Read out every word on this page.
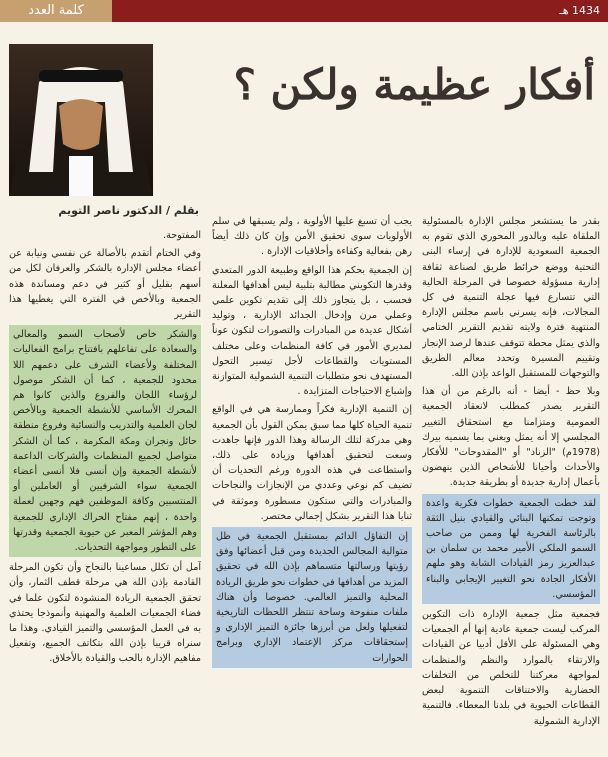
كلمة العدد	1434 هـ
أفكار عظيمة ولكن ؟
بقلم / الدكتور ناصر التويم

بقدر ما يستشعر مجلس الإدارة بالمسئولية الملقاة عليه وبالدور المحوري الذي تقوم به الجمعية السعودية للإدارة في إرساء البنى التحتية ووضع خرائط طريق لصناعة ثقافة إدارية مسؤولة خصوصا في المرحلة الحالية التي تتسارع فيها عجلة التنمية في كل المجالات، فإنه يسرني باسم مجلس الإدارة المنتهية فترة ولايته تقديم التقرير الختامي والذي يمثل محطة تتوقف عندها لرصد الإنجاز وتقييم المسيرة وتحدد معالم الطريق والتوجهات للمستقبل الواعد بإذن الله.

وبلا حظ - أيضا - أنه بالرغم من أن هذا التقرير يصدر كمطلب لانعقاد الجمعية العمومية ومتزامنا مع استحقاق التغيير المجلسي إلا أنه يمثل وبعني بما يسميه بيرك (1978م) "الزناد" أو "المقدوحات" للأفكار والأحداث وأحيانا للأشخاص الذين ينهضون بأعمال إدارية جديدة أو بطريقة جديدة.

لقد خطت الجمعية خطوات فكرية واعدة وتوجت تمكنها البنائي والقيادي بنيل الثقة بالرئاسة الفخرية لها وممن من صاحب السمو الملكي الأمير محمد بن سلمان بن عبدالعزيز رمز القيادات الشابة وهو ملهم الأفكار الجادة نحو التغيير الإيجابي والبناء المؤسسي.

فجمعية مثل جمعية الإدارة ذات التكوين المركب ليست جمعية عادية إنها أم الجمعيات وهي المسئولة على الأقل أدبيا عن القيادات والارتقاء بالموارد والنظم والمنظمات لمواجهة معركتنا للتخلص من التخلفات الحضارية والاختناقات التنموية لبعض القطاعات الحيوية في بلدنا المعطاء. فالتنمية الإدارية الشمولية

يجب أن تسبغ عليها الأولوية ، ولم يسبقها في سلم الأولويات سوى تحقيق الأمن وإن كان ذلك أيضاً رهن بفعالية وكفاءة وأخلاقيات الإدارة .

إن الجمعية بحكم هذا الواقع وطبيعة الدور المتعدي وقدرها التكويني مطالبة بتلبية ليس أهدافها المعلنة فحسب ، بل يتجاوز ذلك إلى تقديم تكوين علمي وعملي مرن وإدخال الجدائد الإدارية ، وتوليد أشكال عديدة من المبادرات والتصورات لتكون عوناً لمديري الأمور في كافة المنظمات وعلى مختلف المستويات والقطاعات لأجل تيسير التحول المستهدف نحو متطلبات التنمية الشمولية المتوازنة وإشباع الاحتياجات المتزايدة .

إن التنمية الإدارية فكراً وممارسة هي في الواقع تنمية الحياة كلها مما سبق يمكن القول بأن الجمعية وهي مدركة لتلك الرسالة وهذا الدور فإنها جاهدت وسعت لتحقيق أهدافها وزيادة على ذلك، واستطاعت في هذه الدورة ورغم التحديات أن تضيف كم نوعي وعددي من الإنجازات والنجاحات والمبادرات والتي ستكون مسطورة وموثقة في ثنايا هذا التقرير بشكل إجمالي مختصر.

إن التفاؤل الدائم بمستقبل الجمعية في ظل متوالية المجالس الجديدة ومن قبل أعضائها وفق رؤيتها ورسالتها متسماهم بإذن الله في تحقيق المزيد من أهدافها في خطوات نحو طريق الريادة المحلية والتميز العالمي. خصوصا وأن هناك ملفات منفوحة وساحة تنتظر اللحظات التاريخية لتفعيلها ولعل من أبرزها جائزة التميز الإداري و إستحقاقات مركز الإعتماد الإداري وبرامج الحوارات

المفتوحة.

وفي الختام أتقدم بالأصالة عن نفسي ونيابة عن أعضاء مجلس الإدارة بالشكر والعرفان لكل من أسهم بقليل أو كثير في دعم ومساندة هذه الجمعية وبالأخص في الفترة التي يغطيها هذا التقرير

والشكر خاص لأصحاب السمو والمعالي والسعادة على تفاعلهم بافتتاح برامج الفعاليات المختلفة ولأعضاء الشرف على دعمهم اللا محدود للجمعية ، كما أن الشكر موصول لرؤساء اللجان والفروع والذين كانوا هم المحرك الأساسي للأنشطة الجمعية وبالأخص لجان العلمية والتدريب والنسائية وفروع منطقة حائل ونجران ومكة المكرمة ، كما أن الشكر متواصل لجميع المنظمات والشركات الداعمة لأنشطة الجمعية وإن أنسى فلا أنسى أعضاء الجمعية سواء الشرفيين أو العاملين أو المنتسبين وكافة الموظفين فهم وجهين لعملة واحدة ، إنهم مفتاح الحراك الإداري للجمعية وهم المؤشر المعبر عن حيوية الجمعية وقدرتها على التطور ومواجهة التحديات.

آمل أن تكلل مساعينا بالنجاح وأن تكون المرحلة القادمة بإذن الله هي مرحلة قطف الثمار، وأن تحقق الجمعية الريادة المنشودة لتكون علما في فضاء الجمعيات العلمية والمهنية وأنموذجا يحتذي به في العمل المؤسسي والتميز القيادي. وهذا ما سنراه قريبا بإذن الله بتكاتف الجميع، وتفعيل مفاهيم الإدارة بالحب والقيادة بالأخلاق.
